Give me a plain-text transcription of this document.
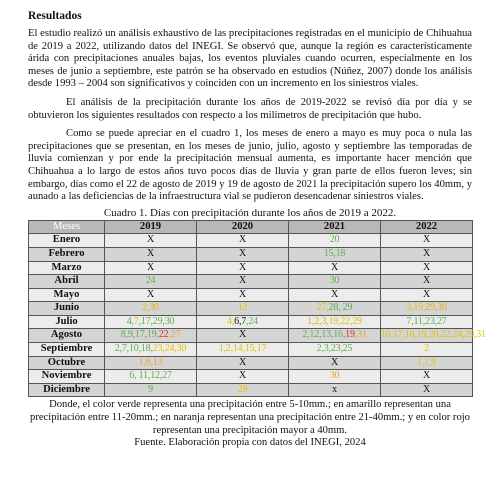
Resultados

El estudio realizó un análisis exhaustivo de las precipitaciones registradas en el municipio de Chihuahua de 2019 a 2022, utilizando datos del INEGI. Se observó que, aunque la región es característicamente árida con precipitaciones anuales bajas, los eventos pluviales cuando ocurren, especialmente en los meses de junio a septiembre, este patrón se ha observado en estudios (Núñez, 2007) donde los análisis desde 1993 – 2004 son significativos y coinciden con un incremento en los siniestros viales.

El análisis de la precipitación durante los años de 2019-2022 se revisó día por día y se obtuvieron los siguientes resultados con respecto a los milímetros de precipitación que hubo.

Como se puede apreciar en el cuadro 1, los meses de enero a mayo es muy poca o nula las precipitaciones que se presentan, en los meses de junio, julio, agosto y septiembre las temporadas de lluvia comienzan y por ende la precipitación mensual aumenta, es importante hacer mención que Chihuahua a lo largo de estos años tuvo pocos días de lluvia y gran parte de ellos fueron leves; sin embargo, días como el 22 de agosto de 2019 y 19 de agosto de 2021 la precipitación supero los 40mm, y aunado a las deficiencias de la infraestructura vial se pudieron desencadenar siniestros viales.

Cuadro 1. Días con precipitación durante los años de 2019 a 2022.
Meses	2019	2020	2021	2022
Enero	X	X	20	X
Febrero	X	X	15,18	X
Marzo	X	X	X	X
Abril	24	X	30	X
Mayo	X	X	X	X
Junio	2,30	12	27,28, 29	3,19,29,30
Julio	4,7,17,29,30	4,6,7,24	1,2,3,19,22,29	7,11,23,27
Agosto	8,9,17,19,22,27	X	2,12,13,16,19,31	10,17,18,19,20,22,24,29,31
Septiembre	2,7,10,18,23,24,30	1,2,14,15,17	2,3,23,25	2
Octubre	1,6,13	X	X	1,7,9
Noviembre	6, 11,12,27	X	30	X
Diciembre	9	29	x	X

Donde, el color verde representa una precipitación entre 5-10mm.; en amarillo representan una precipitación entre 11-20mm.; en naranja representan una precipitación entre 21-40mm.; y en color rojo representan una precipitación mayor a 40mm.

Fuente. Elaboración propia con datos del INEGI, 2024
